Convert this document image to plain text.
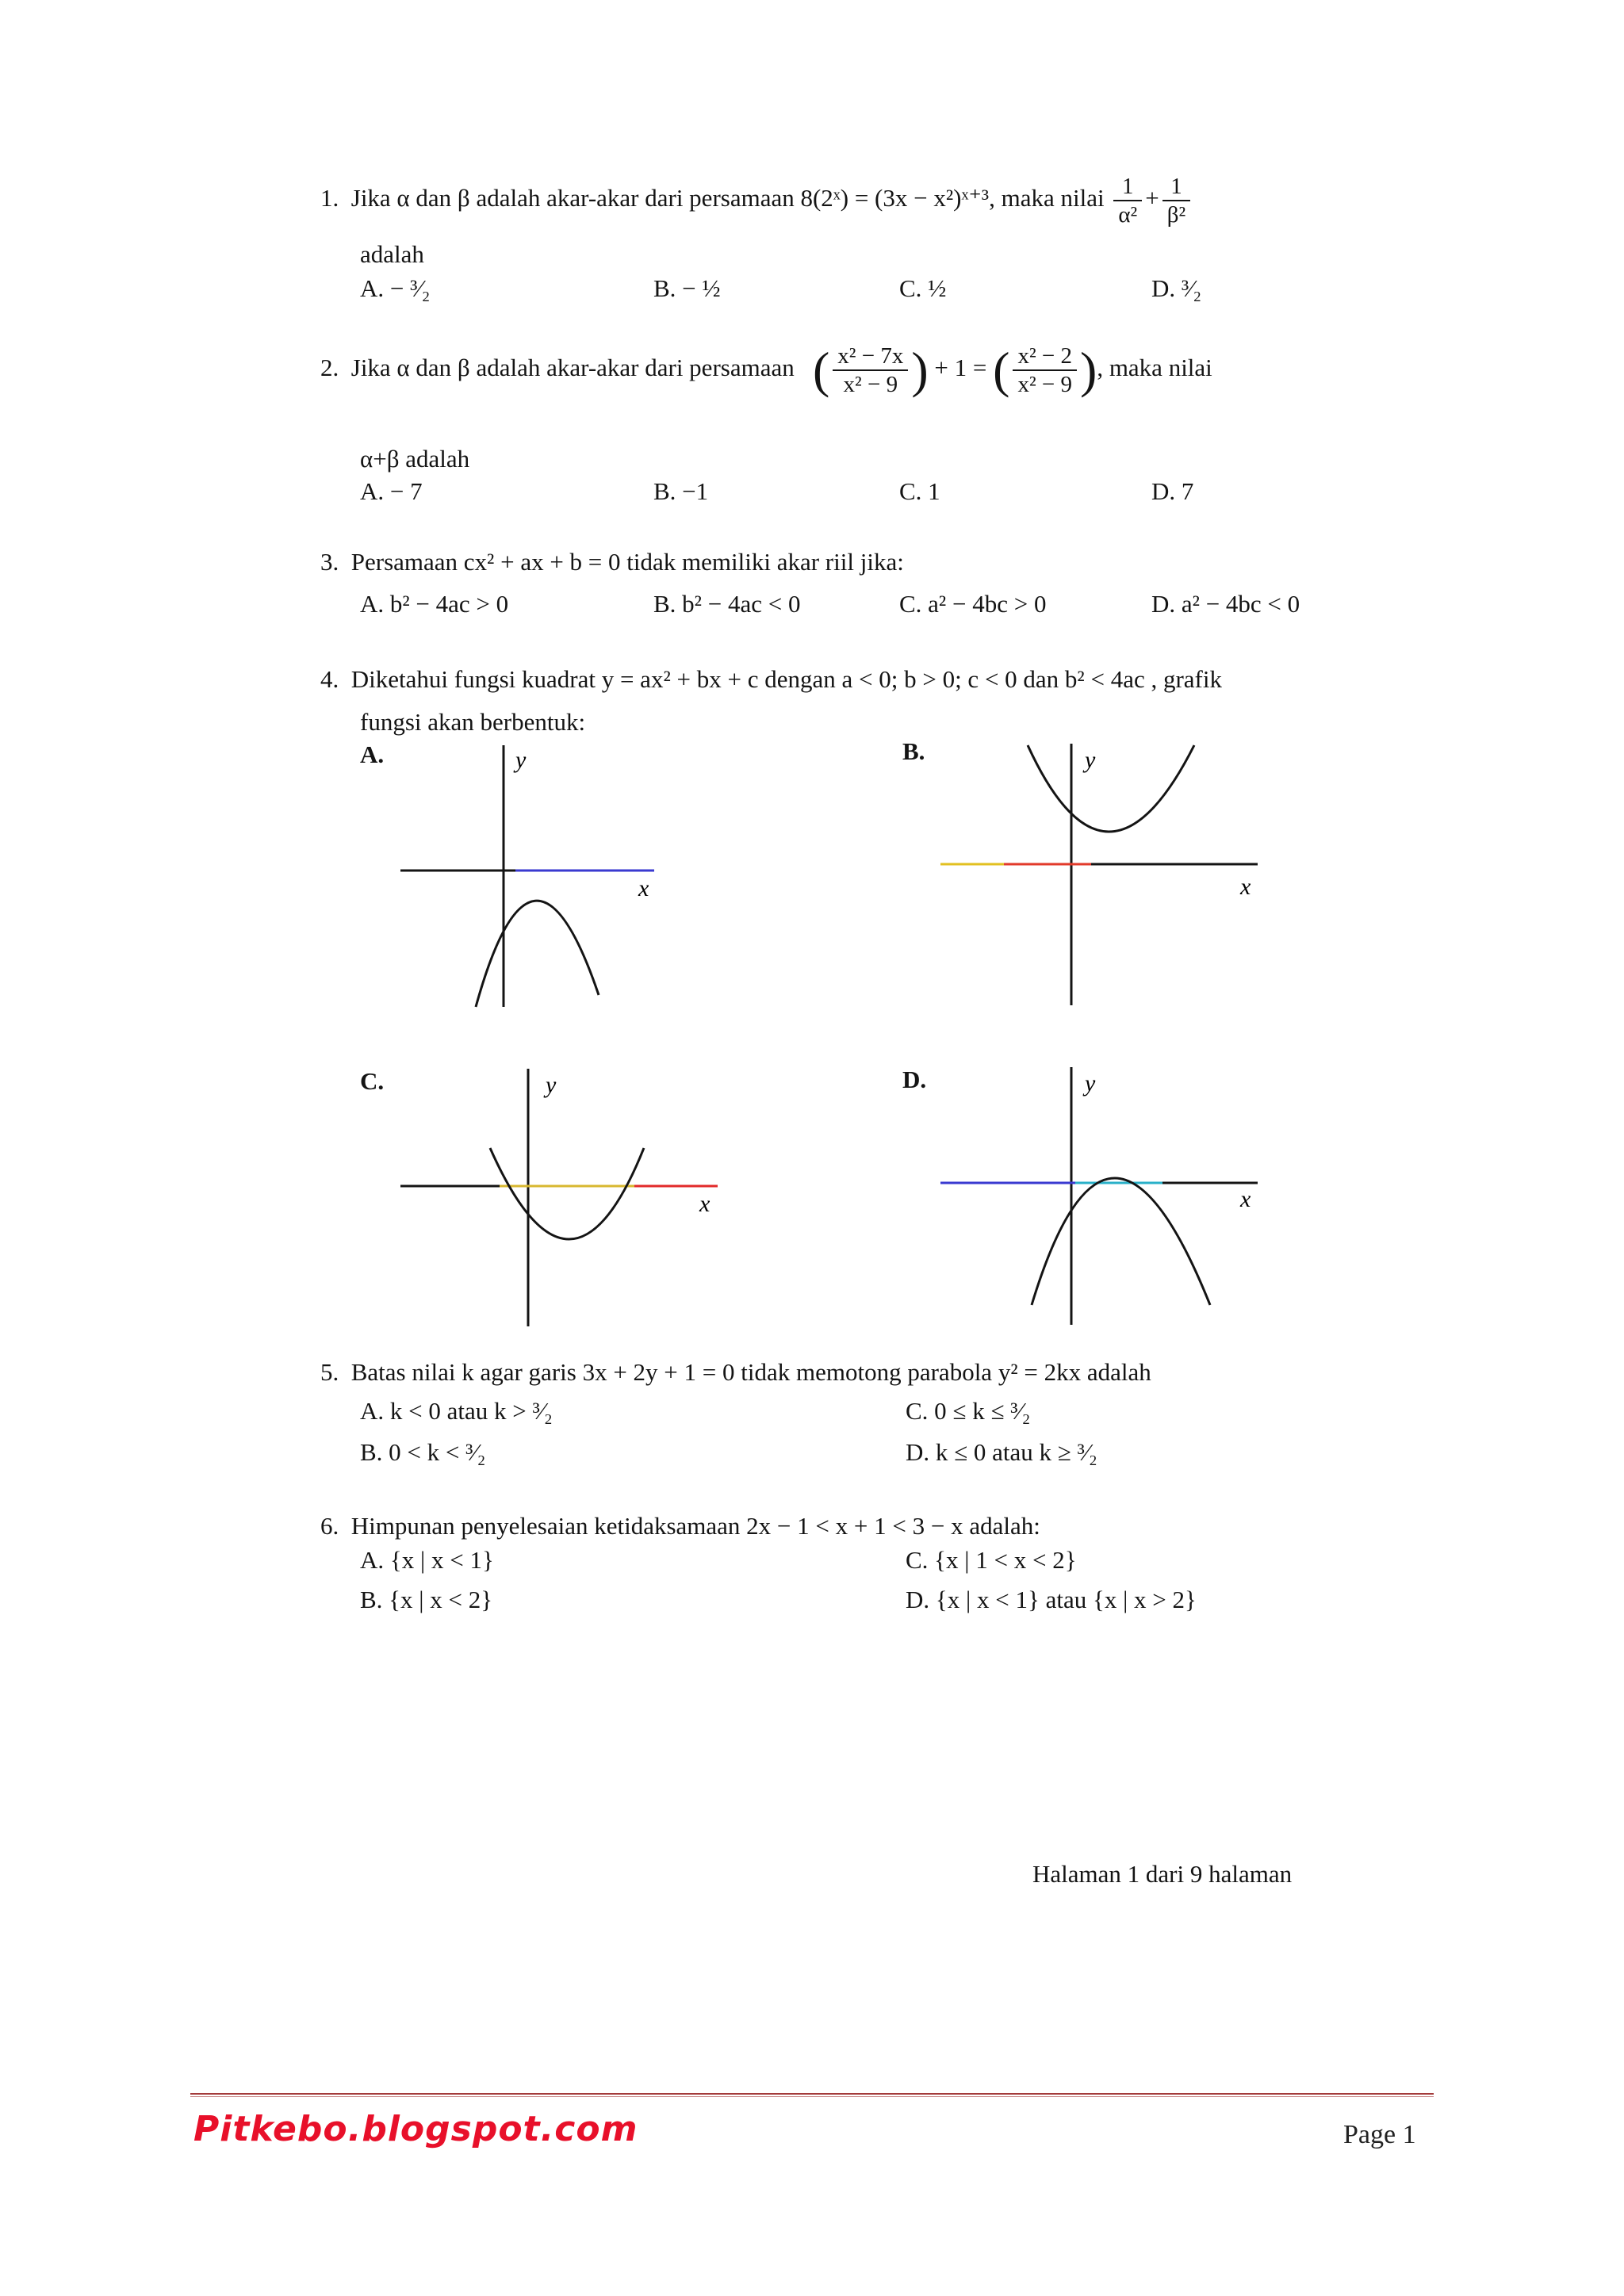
1. Jika α dan β adalah akar-akar dari persamaan 8(2ˣ) = (3x − x²)ˣ⁺³, maka nilai $\frac{1}{\text{α²}} + \frac{1}{\text{β²}}$
adalah
A. − ³⁄₂	B. − ½	C. ½	D. ³⁄₂
2. Jika α dan β adalah akar-akar dari persamaan ( $\frac{\text{x² − 7x}}{\text{x² − 9}}$ ) + 1 = ( $\frac{\text{x² − 2}}{\text{x² − 9}}$ ), maka nilai
α+β adalah
A. − 7	B. −1	C. 1	D. 7
3. Persamaan cx² + ax + b = 0 tidak memiliki akar riil jika:
A. b² − 4ac > 0	B. b² − 4ac < 0	C. a² − 4bc > 0	D. a² − 4bc < 0
4. Diketahui fungsi kuadrat y = ax² + bx + c dengan a < 0; b > 0; c < 0 dan b² < 4ac , grafik
fungsi akan berbentuk:
A.	B.
C.	D.
y
x
y
x
y
x
y
x
5. Batas nilai k agar garis 3x + 2y + 1 = 0 tidak memotong parabola y² = 2kx adalah
A. k < 0 atau k > ³⁄₂	C. 0 ≤ k ≤ ³⁄₂
B. 0 < k < ³⁄₂	D. k ≤ 0 atau k ≥ ³⁄₂
6. Himpunan penyelesaian ketidaksamaan 2x − 1 < x + 1 < 3 − x adalah:
A. {x | x < 1}	C. {x | 1 < x < 2}
B. {x | x < 2}	D. {x | x < 1} atau {x | x > 2}
Halaman 1 dari 9 halaman
Pitkebo.blogspot.com	Page 1
